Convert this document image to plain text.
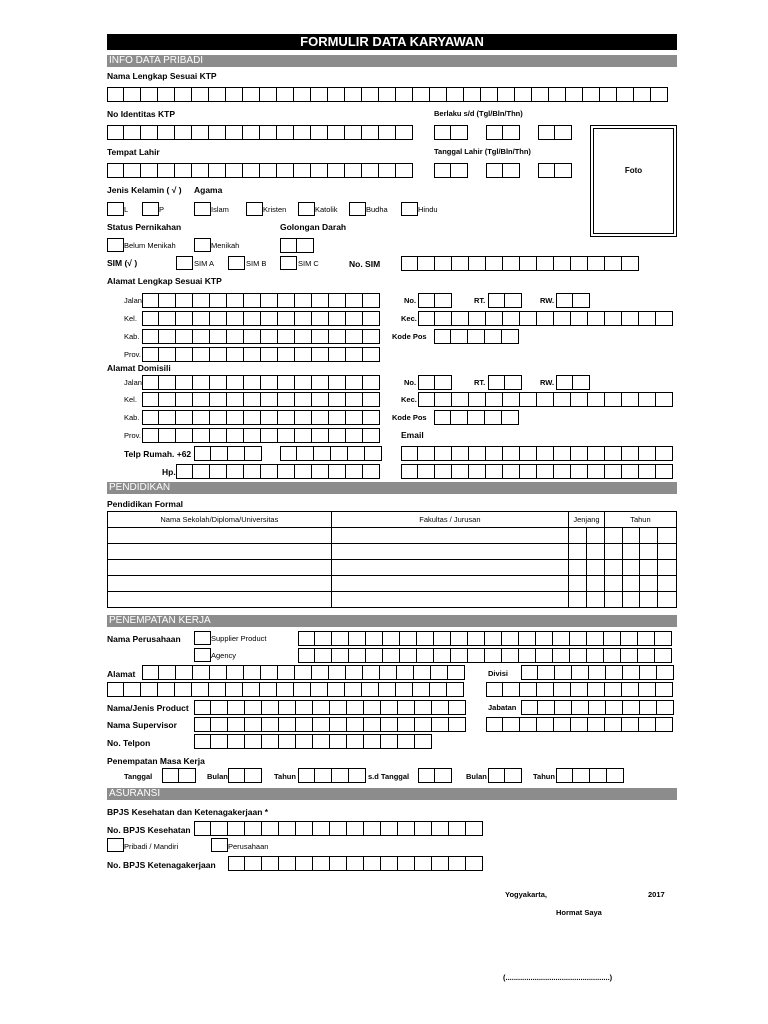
FORMULIR DATA KARYAWAN
INFO DATA PRIBADI
Nama Lengkap Sesuai KTP
No Identitas KTP	Berlaku s/d (Tgl/Bln/Thn)
Foto
Tempat Lahir	Tanggal Lahir (Tgl/Bln/Thn)
Jenis Kelamin ( √ ) Agama
L	P	Islam	Kristen	Katolik	Budha	Hindu
Status Pernikahan	Golongan Darah
Belum Menikah	Menikah
SIM (√ )	SIM A	SIM B	SIM C	No. SIM
Alamat Lengkap Sesuai KTP
Jalan	No.	RT.	RW.
Kel.	Kec.
Kab.	Kode Pos
Prov.
Alamat Domisili
Jalan	No.	RT.	RW.
Kel.	Kec.
Kab.	Kode Pos
Prov.	Email
Telp Rumah. +62
Hp.
PENDIDIKAN
Pendidikan Formal
Nama Sekolah/Diploma/Universitas	Fakultas / Jurusan	Jenjang		Tahun			

PENEMPATAN KERJA
Nama Perusahaan	Supplier Product
Agency
Alamat	Divisi
Nama/Jenis Product	Jabatan
Nama Supervisor
No. Telpon
Penempatan Masa Kerja
Tanggal	Bulan	Tahun	s.d Tanggal	Bulan	Tahun
ASURANSI
BPJS Kesehatan dan Ketenagakerjaan *
No. BPJS Kesehatan
Pribadi / Mandiri	Perusahaan
No. BPJS Ketenagakerjaan
Yogyakarta,	2017
Hormat Saya
(..................................................)
